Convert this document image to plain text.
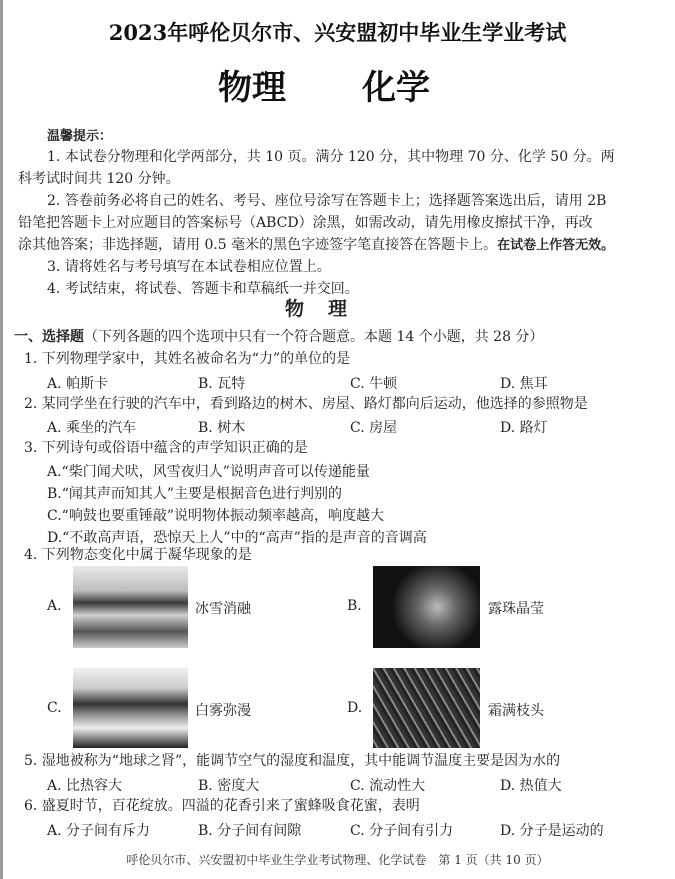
2023年呼伦贝尔市、兴安盟初中毕业生学业考试
物理 化学
温馨提示：
1. 本试卷分物理和化学两部分，共 10 页。满分 120 分，其中物理 70 分、化学 50 分。两
科考试时间共 120 分钟。
2. 答卷前务必将自己的姓名、考号、座位号涂写在答题卡上；选择题答案选出后，请用 2B
铅笔把答题卡上对应题目的答案标号（ABCD）涂黑，如需改动，请先用橡皮擦拭干净，再改
涂其他答案；非选择题，请用 0.5 毫米的黑色字迹签字笔直接答在答题卡上。在试卷上作答无效。
3. 请将姓名与考号填写在本试卷相应位置上。
4. 考试结束，将试卷、答题卡和草稿纸一并交回。
物理
一、选择题（下列各题的四个选项中只有一个符合题意。本题 14 个小题，共 28 分）
1. 下列物理学家中，其姓名被命名为“力”的单位的是
A. 帕斯卡	B. 瓦特	C. 牛顿	D. 焦耳
2. 某同学坐在行驶的汽车中，看到路边的树木、房屋、路灯都向后运动，他选择的参照物是
A. 乘坐的汽车	B. 树木	C. 房屋	D. 路灯
3. 下列诗句或俗语中蕴含的声学知识正确的是
A.“柴门闻犬吠，风雪夜归人”说明声音可以传递能量
B.“闻其声而知其人”主要是根据音色进行判别的
C.“响鼓也要重锤敲”说明物体振动频率越高，响度越大
D.“不敢高声语，恐惊天上人”中的“高声”指的是声音的音调高
4. 下列物态变化中属于凝华现象的是
A.	冰雪消融	B.	露珠晶莹
C.	白雾弥漫	D.	霜满枝头
5. 湿地被称为“地球之肾”，能调节空气的湿度和温度，其中能调节温度主要是因为水的
A. 比热容大	B. 密度大	C. 流动性大	D. 热值大
6. 盛夏时节，百花绽放。四溢的花香引来了蜜蜂吸食花蜜，表明
A. 分子间有斥力	B. 分子间有间隙	C. 分子间有引力	D. 分子是运动的
呼伦贝尔市、兴安盟初中毕业生学业考试物理、化学试卷　第 1 页（共 10 页）
